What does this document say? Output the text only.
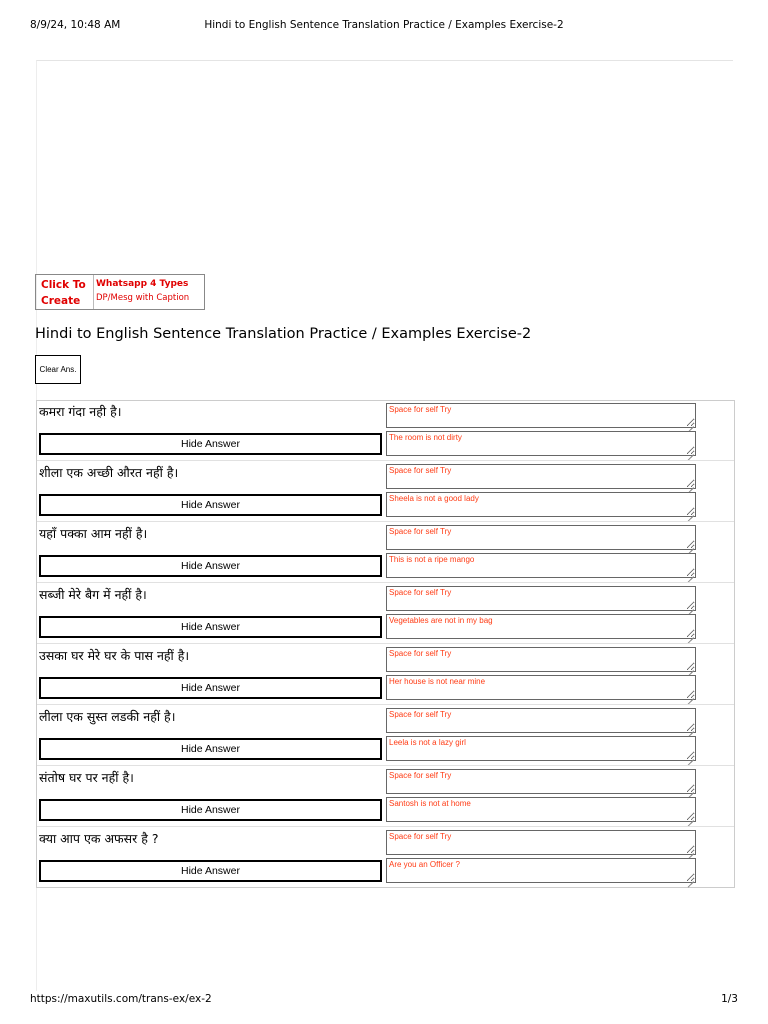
8/9/24, 10:48 AM	Hindi to English Sentence Translation Practice / Examples Exercise-2
Click To
Create
Whatsapp 4 Types
DP/Mesg with Caption
Hindi to English Sentence Translation Practice / Examples Exercise-2
Clear Ans.
कमरा गंदा नही है।
Hide Answer
Space for self Try
The room is not dirty
शीला एक अच्छी औरत नहीं है।
Hide Answer
Space for self Try
Sheela is not a good lady
यहाँ पक्का आम नहीं है।
Hide Answer
Space for self Try
This is not a ripe mango
सब्जी मेरे बैग में नहीं है।
Hide Answer
Space for self Try
Vegetables are not in my bag
उसका घर मेरे घर के पास नहीं है।
Hide Answer
Space for self Try
Her house is not near mine
लीला एक सुस्त लडकी नहीं है।
Hide Answer
Space for self Try
Leela is not a lazy girl
संतोष घर पर नहीं है।
Hide Answer
Space for self Try
Santosh is not at home
क्या आप एक अफसर है ?
Hide Answer
Space for self Try
Are you an Officer ?
https://maxutils.com/trans-ex/ex-2	1/3
